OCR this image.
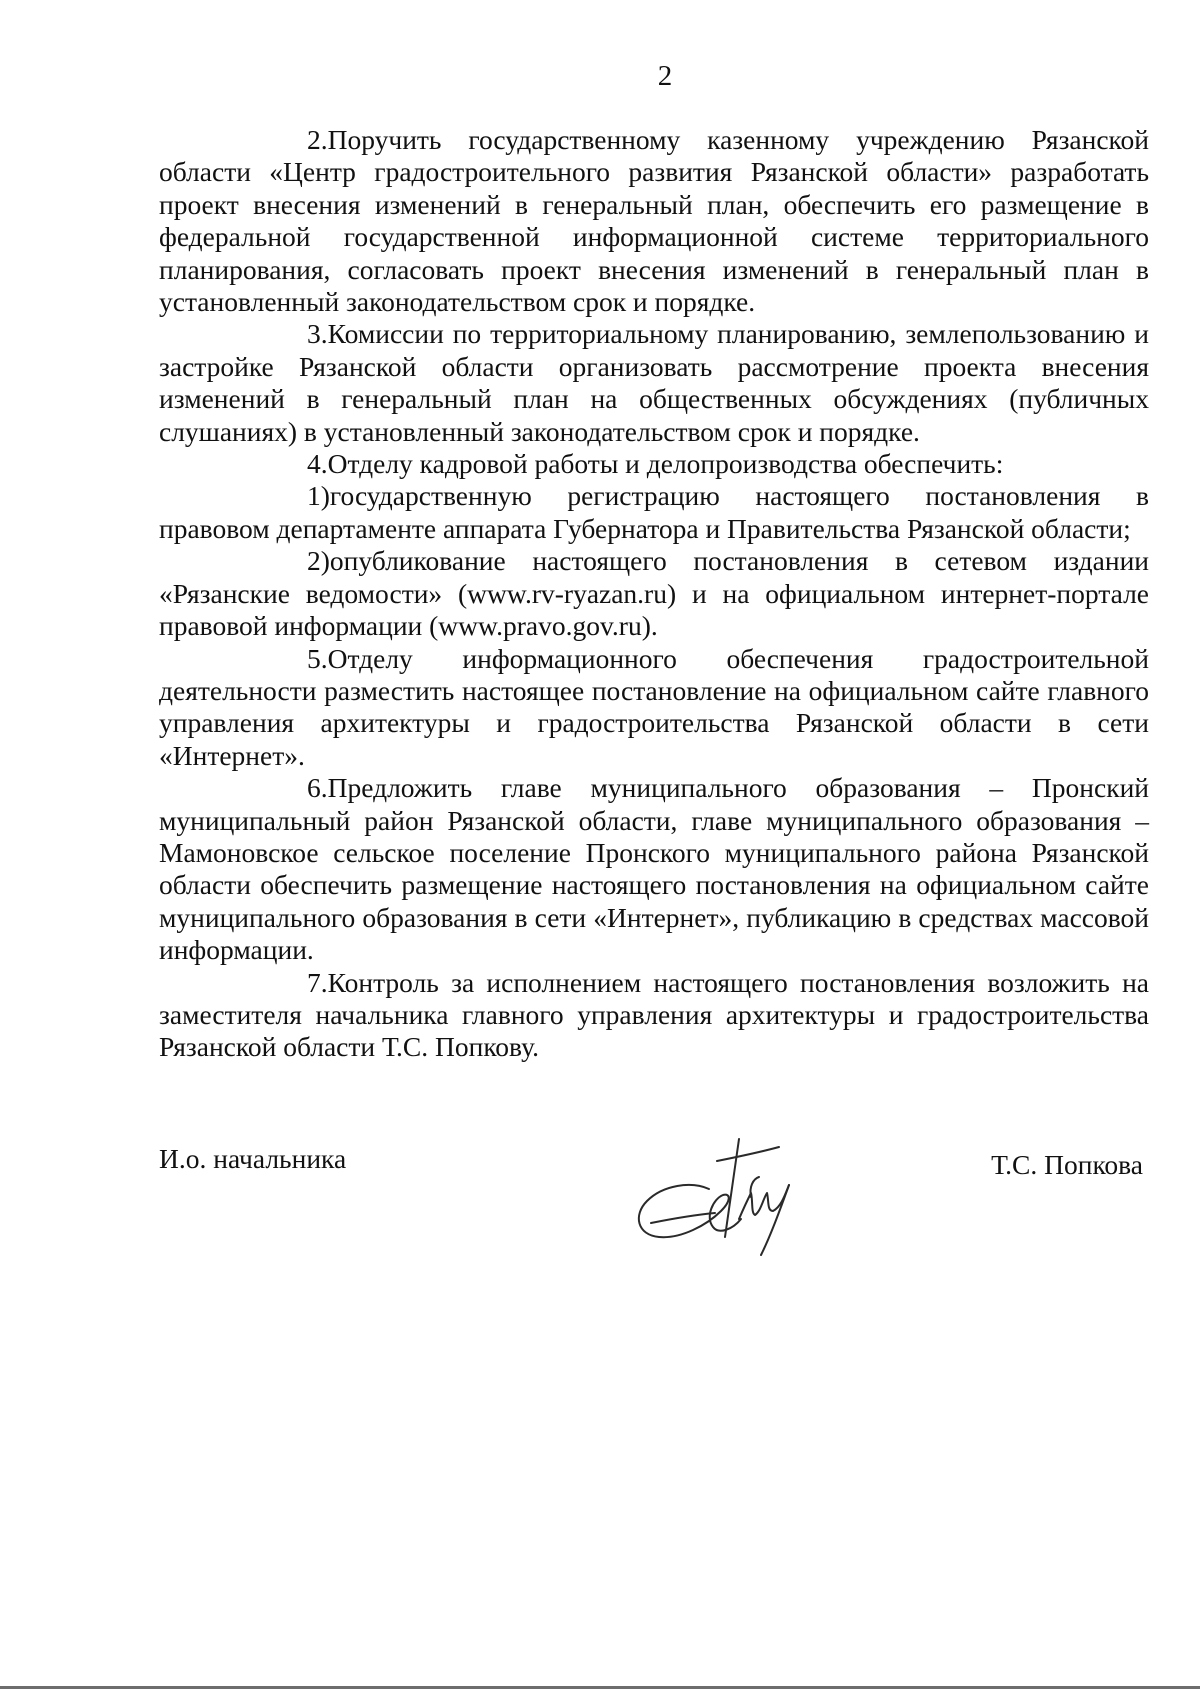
2

2.Поручить государственному казенному учреждению Рязанской области «Центр градостроительного развития Рязанской области» разработать проект внесения изменений в генеральный план, обеспечить его размещение в федеральной государственной информационной системе территориального планирования, согласовать проект внесения изменений в генеральный план в установленный законодательством срок и порядке.

3.Комиссии по территориальному планированию, землепользованию и застройке Рязанской области организовать рассмотрение проекта внесения изменений в генеральный план на общественных обсуждениях (публичных слушаниях) в установленный законодательством срок и порядке.

4.Отделу кадровой работы и делопроизводства обеспечить:

1)государственную регистрацию настоящего постановления в правовом департаменте аппарата Губернатора и Правительства Рязанской области;

2)опубликование настоящего постановления в сетевом издании «Рязанские ведомости» (www.rv-ryazan.ru) и на официальном интернет-портале правовой информации (www.pravo.gov.ru).

5.Отделу информационного обеспечения градостроительной деятельности разместить настоящее постановление на официальном сайте главного управления архитектуры и градостроительства Рязанской области в сети «Интернет».

6.Предложить главе муниципального образования – Пронский муниципальный район Рязанской области, главе муниципального образования – Мамоновское сельское поселение Пронского муниципального района Рязанской области обеспечить размещение настоящего постановления на официальном сайте муниципального образования в сети «Интернет», публикацию в средствах массовой информации.

7.Контроль за исполнением настоящего постановления возложить на заместителя начальника главного управления архитектуры и градостроительства Рязанской области Т.С. Попкову.

И.о. начальника	Т.С. Попкова
